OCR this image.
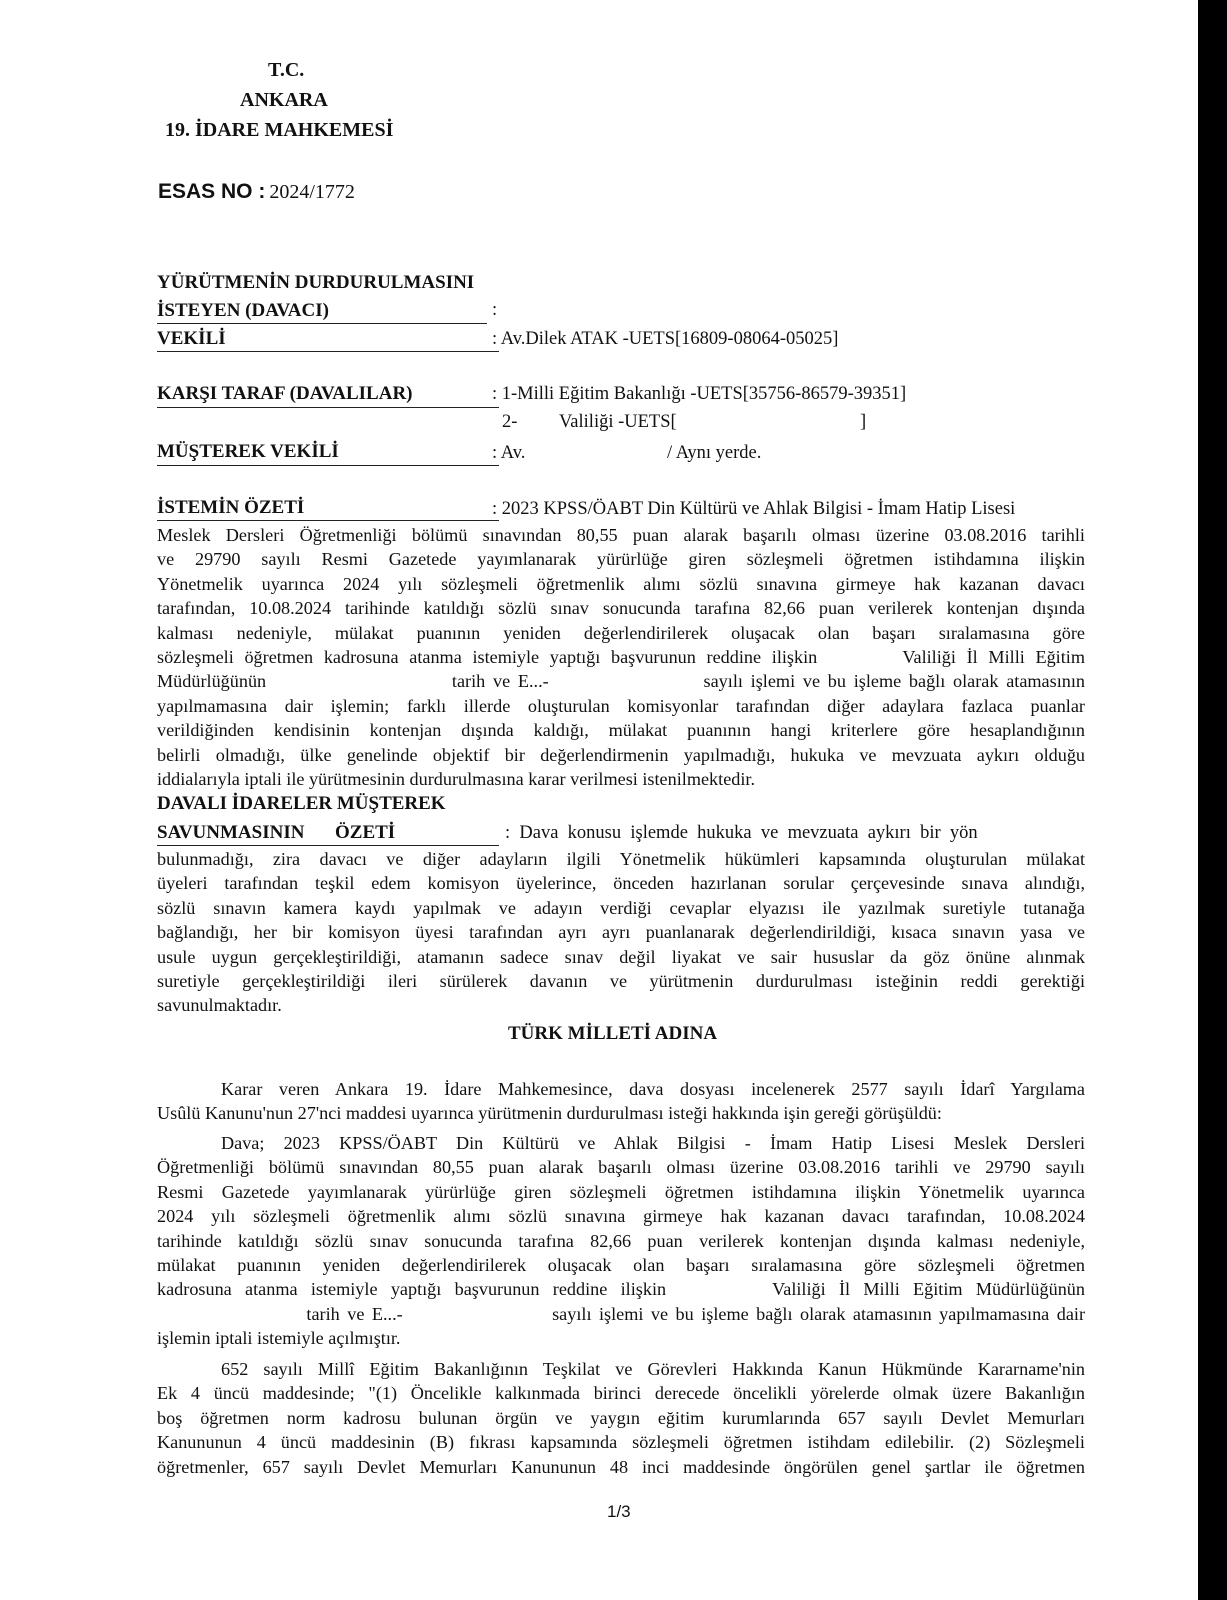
T.C.
ANKARA
19. İDARE MAHKEMESİ
ESAS NO : 2024/1772
YÜRÜTMENİN DURDURULMASINI
İSTEYEN (DAVACI)	:
VEKİLİ	: Av.Dilek ATAK -UETS[16809-08064-05025]
KARŞI TARAF (DAVALILAR)	: 1-Milli Eğitim Bakanlığı -UETS[35756-86579-39351]
2- Valiliği -UETS[	]
MÜŞTEREK VEKİLİ	: Av.	/ Aynı yerde.
İSTEMİN ÖZETİ	: 2023 KPSS/ÖABT Din Kültürü ve Ahlak Bilgisi - İmam Hatip Lisesi

Meslek Dersleri Öğretmenliği bölümü sınavından 80,55 puan alarak başarılı olması üzerine 03.08.2016 tarihli

ve 29790 sayılı Resmi Gazetede yayımlanarak yürürlüğe giren sözleşmeli öğretmen istihdamına ilişkin

Yönetmelik uyarınca 2024 yılı sözleşmeli öğretmenlik alımı sözlü sınavına girmeye hak kazanan davacı

tarafından, 10.08.2024 tarihinde katıldığı sözlü sınav sonucunda tarafına 82,66 puan verilerek kontenjan dışında

kalması nedeniyle, mülakat puanının yeniden değerlendirilerek oluşacak olan başarı sıralamasına göre

sözleşmeli öğretmen kadrosuna atanma istemiyle yaptığı başvurunun reddine ilişkin        Valiliği İl Milli Eğitim

Müdürlüğünün                        tarih ve E...-                    sayılı işlemi ve bu işleme bağlı olarak atamasının

yapılmamasına dair işlemin; farklı illerde oluşturulan komisyonlar tarafından diğer adaylara fazlaca puanlar

verildiğinden kendisinin kontenjan dışında kaldığı, mülakat puanının hangi kriterlere göre hesaplandığının

belirli olmadığı, ülke genelinde objektif bir değerlendirmenin yapılmadığı, hukuka ve mevzuata aykırı olduğu

iddialarıyla iptali ile yürütmesinin durdurulmasına karar verilmesi istenilmektedir.

DAVALI İDARELER MÜŞTEREK
SAVUNMASININ ÖZETİ	:  Dava  konusu  işlemde  hukuka  ve  mevzuata  aykırı  bir  yön

bulunmadığı, zira davacı ve diğer adayların ilgili Yönetmelik hükümleri kapsamında oluşturulan mülakat

üyeleri tarafından teşkil edem komisyon üyelerince, önceden hazırlanan sorular çerçevesinde sınava alındığı,

sözlü sınavın kamera kaydı yapılmak ve adayın verdiği cevaplar elyazısı ile yazılmak suretiyle tutanağa

bağlandığı, her bir komisyon üyesi tarafından ayrı ayrı puanlanarak değerlendirildiği, kısaca sınavın yasa ve

usule uygun gerçekleştirildiği, atamanın sadece sınav değil liyakat ve sair hususlar da göz önüne alınmak

suretiyle gerçekleştirildiği ileri sürülerek davanın ve yürütmenin durdurulması isteğinin reddi gerektiği

savunulmaktadır.

TÜRK MİLLETİ ADINA

Karar veren Ankara 19. İdare Mahkemesince, dava dosyası incelenerek 2577 sayılı İdarî Yargılama

Usûlü Kanunu'nun 27'nci maddesi uyarınca yürütmenin durdurulması isteği hakkında işin gereği görüşüldü:

Dava; 2023 KPSS/ÖABT Din Kültürü ve Ahlak Bilgisi - İmam Hatip Lisesi Meslek Dersleri

Öğretmenliği bölümü sınavından 80,55 puan alarak başarılı olması üzerine 03.08.2016 tarihli ve 29790 sayılı

Resmi Gazetede yayımlanarak yürürlüğe giren sözleşmeli öğretmen istihdamına ilişkin Yönetmelik uyarınca

2024 yılı sözleşmeli öğretmenlik alımı sözlü sınavına girmeye hak kazanan davacı tarafından, 10.08.2024

tarihinde katıldığı sözlü sınav sonucunda tarafına 82,66 puan verilerek kontenjan dışında kalması nedeniyle,

mülakat puanının yeniden değerlendirilerek oluşacak olan başarı sıralamasına göre sözleşmeli öğretmen

kadrosuna atanma istemiyle yaptığı başvurunun reddine ilişkin        Valiliği İl Milli Eğitim Müdürlüğünün

tarih ve E...-                    sayılı işlemi ve bu işleme bağlı olarak atamasının yapılmamasına dair

işlemin iptali istemiyle açılmıştır.

652 sayılı Millî Eğitim Bakanlığının Teşkilat ve Görevleri Hakkında Kanun Hükmünde Kararname'nin

Ek 4 üncü maddesinde; "(1) Öncelikle kalkınmada birinci derecede öncelikli yörelerde olmak üzere Bakanlığın

boş öğretmen norm kadrosu bulunan örgün ve yaygın eğitim kurumlarında 657 sayılı Devlet Memurları

Kanununun 4 üncü maddesinin (B) fıkrası kapsamında sözleşmeli öğretmen istihdam edilebilir. (2) Sözleşmeli

öğretmenler, 657 sayılı Devlet Memurları Kanununun 48 inci maddesinde öngörülen genel şartlar ile öğretmen

1/3
